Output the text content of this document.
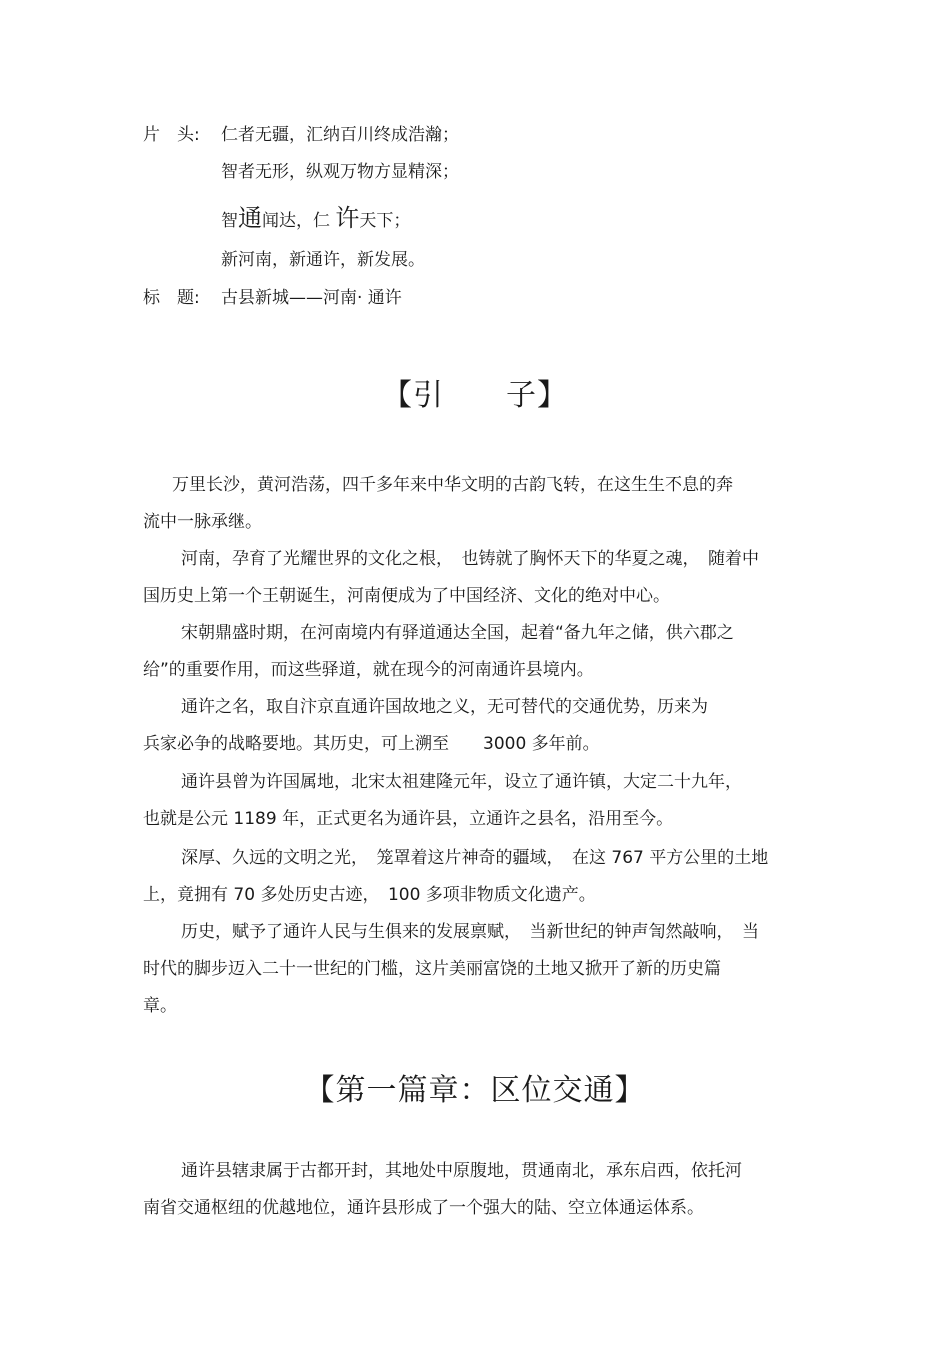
片　头: 仁者无疆，汇纳百川终成浩瀚；
智者无形，纵观万物方显精深；
智通闻达，仁 许天下；
新河南，新通许，新发展。
标　题: 古县新城——河南· 通许
【引　　子】
万里长沙，黄河浩荡，四千多年来中华文明的古韵飞转，在这生生不息的奔
流中一脉承继。
河南，孕育了光耀世界的文化之根，　也铸就了胸怀天下的华夏之魂，　随着中
国历史上第一个王朝诞生，河南便成为了中国经济、文化的绝对中心。
宋朝鼎盛时期，在河南境内有驿道通达全国，起着“备九年之储，供六郡之
给”的重要作用，而这些驿道，就在现今的河南通许县境内。
通许之名，取自汴京直通许国故地之义，无可替代的交通优势，历来为
兵家必争的战略要地。其历史，可上溯至　　3000 多年前。
通许县曾为许国属地，北宋太祖建隆元年，设立了通许镇，大定二十九年，
也就是公元 1189 年，正式更名为通许县，立通许之县名，沿用至今。
深厚、久远的文明之光，　笼罩着这片神奇的疆域，　在这 767 平方公里的土地
上，竟拥有 70 多处历史古迹，　100 多项非物质文化遗产。
历史，赋予了通许人民与生俱来的发展禀赋，　当新世纪的钟声訇然敲响，　当
时代的脚步迈入二十一世纪的门槛，这片美丽富饶的土地又掀开了新的历史篇
章。
【第一篇章：区位交通】
通许县辖隶属于古都开封，其地处中原腹地，贯通南北，承东启西，依托河
南省交通枢纽的优越地位，通许县形成了一个强大的陆、空立体通运体系。
